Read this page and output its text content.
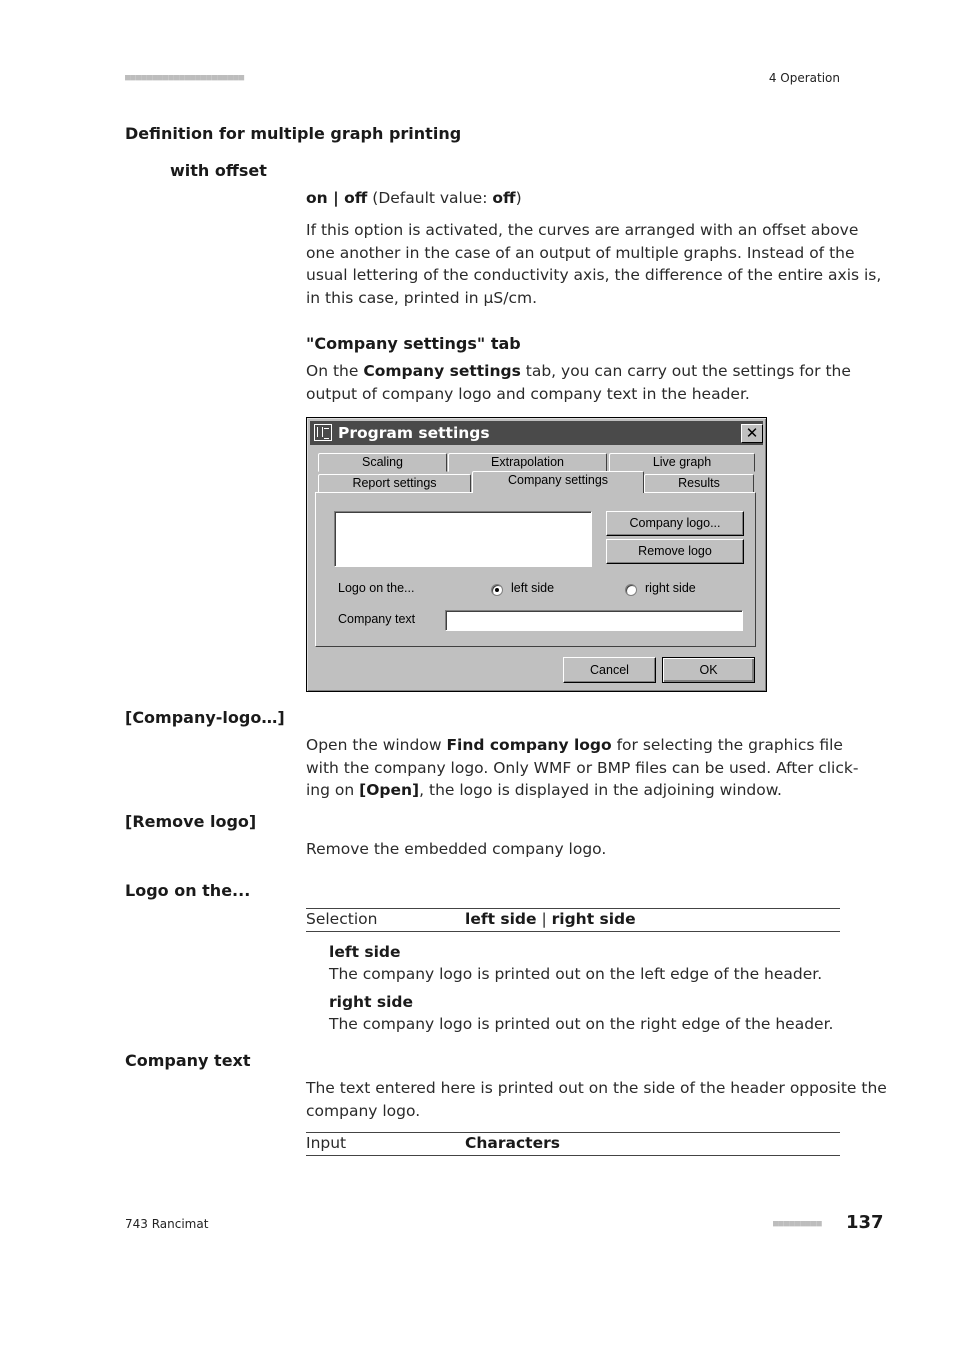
■■■■■■■■■■■■■■■■■■■■■■	4 Operation
Definition for multiple graph printing
with offset
on | off (Default value: off)
If this option is activated, the curves are arranged with an offset above
one another in the case of an output of multiple graphs. Instead of the
usual lettering of the conductivity axis, the difference of the entire axis is,
in this case, printed in µS/cm.
"Company settings" tab
On the Company settings tab, you can carry out the settings for the
output of company logo and company text in the header.
Program settings	✕
Scaling	Extrapolation	Live graph
Report settings	Company settings	Results
Company logo...
Remove logo
Logo on the...	left side	right side
Company text
Cancel	OK
[Company-logo…]
Open the window Find company logo for selecting the graphics file
with the company logo. Only WMF or BMP files can be used. After click-
ing on [Open], the logo is displayed in the adjoining window.
[Remove logo]
Remove the embedded company logo.
Logo on the...
Selection	left side | right side
left side
The company logo is printed out on the left edge of the header.
right side
The company logo is printed out on the right edge of the header.
Company text
The text entered here is printed out on the side of the header opposite the
company logo.
Input	Characters
743 Rancimat	■■■■■■■■■ 137
